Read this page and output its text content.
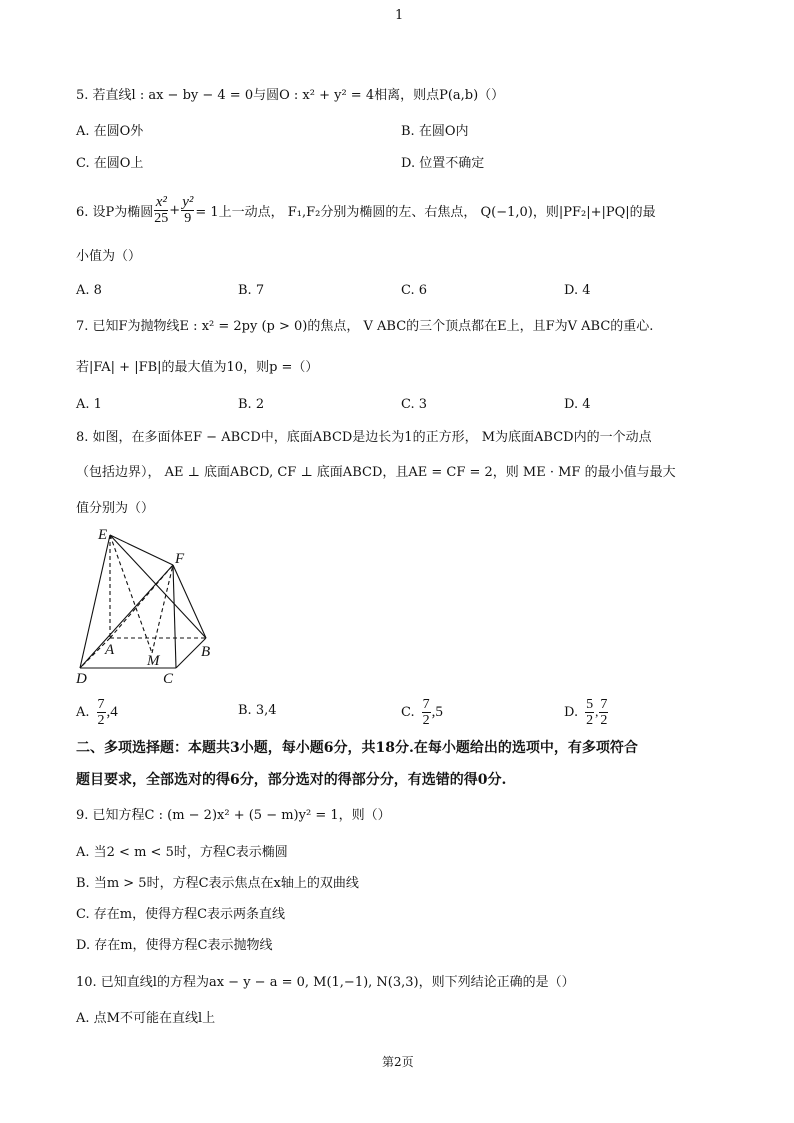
1
5. 若直线l : ax − by − 4 = 0与圆O : x² + y² = 4相离，则点P(a,b)（）
A. 在圆O外	B. 在圆O内
C. 在圆O上	D. 位置不确定
6. 设P为椭圆 $\frac{\text{x²}}{25} + \frac{\text{y²}}{9} = 1$上一动点， F₁,F₂分别为椭圆的左、右焦点， Q(−1,0)，则|PF₂|+|PQ|的最
小值为（）
A. 8	B. 7	C. 6	D. 4
7. 已知F为抛物线E : x² = 2py (p > 0)的焦点， V ABC的三个顶点都在E上，且F为V ABC的重心.
若|FA| + |FB|的最大值为10，则p =（）
A. 1	B. 2	C. 3	D. 4
8. 如图，在多面体EF − ABCD中，底面ABCD是边长为1的正方形， M为底面ABCD内的一个动点
（包括边界）， AE ⊥ 底面ABCD, CF ⊥ 底面ABCD，且AE = CF = 2，则 ME · MF 的最小值与最大
值分别为（）
E
F
A
M
B
D	C
A. $\frac{7}{2} ,4$	B. 3,4	C. $\frac{7}{2} ,5$	D. $\frac{5}{2}$ , $\frac{7}{2}$
二、多项选择题：本题共3小题，每小题6分，共18分.在每小题给出的选项中，有多项符合
题目要求，全部选对的得6分，部分选对的得部分分，有选错的得0分.
9. 已知方程C : (m − 2)x² + (5 − m)y² = 1，则（）
A. 当2 < m < 5时，方程C表示椭圆
B. 当m > 5时，方程C表示焦点在x轴上的双曲线
C. 存在m，使得方程C表示两条直线
D. 存在m，使得方程C表示抛物线
10. 已知直线l的方程为ax − y − a = 0, M(1,−1), N(3,3)，则下列结论正确的是（）
A. 点M不可能在直线l上
第2页
